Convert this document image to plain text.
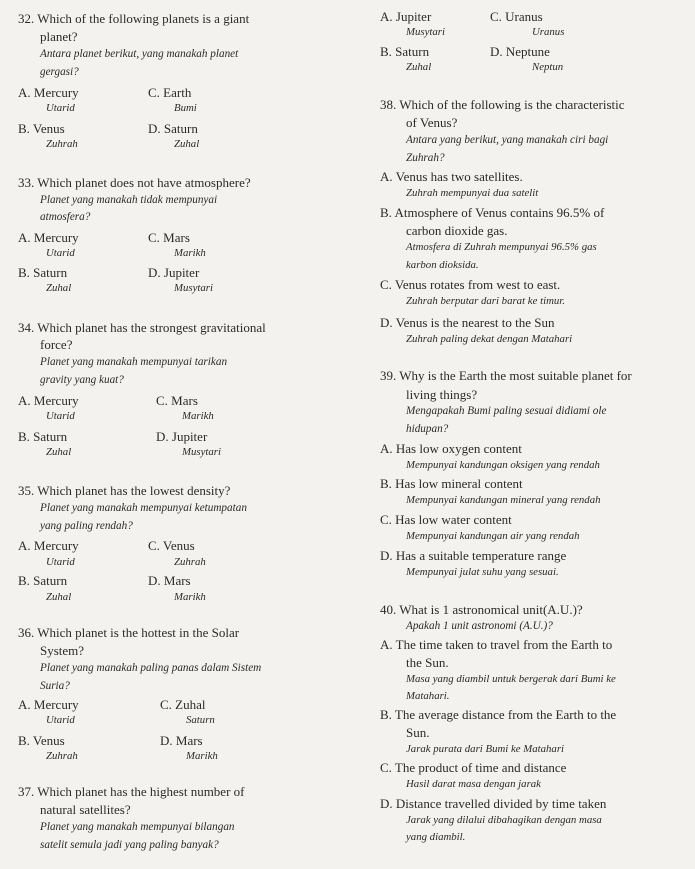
32. Which of the following planets is a giant
planet?
Antara planet berikut, yang manakah planet
gergasi?
A. Mercury
Utarid
C. Earth
Bumi
B. Venus
Zuhrah
D. Saturn
Zuhal
33. Which planet does not have atmosphere?
Planet yang manakah tidak mempunyai
atmosfera?
A. Mercury
Utarid
C. Mars
Marikh
B. Saturn
Zuhal
D. Jupiter
Musytari
34. Which planet has the strongest gravitational
force?
Planet yang manakah mempunyai tarikan
gravity yang kuat?
A. Mercury
Utarid
C. Mars
Marikh
B. Saturn
Zuhal
D. Jupiter
Musytari
35. Which planet has the lowest density?
Planet yang manakah mempunyai ketumpatan
yang paling rendah?
A. Mercury
Utarid
C. Venus
Zuhrah
B. Saturn
Zuhal
D. Mars
Marikh
36. Which planet is the hottest in the Solar
System?
Planet yang manakah paling panas dalam Sistem
Suria?
A. Mercury
Utarid
C. Zuhal
Saturn
B. Venus
Zuhrah
D. Mars
Marikh
37. Which planet has the highest number of
natural satellites?
Planet yang manakah mempunyai bilangan
satelit semula jadi yang paling banyak?
A. Jupiter
Musytari
C. Uranus
Uranus
B. Saturn
Zuhal
D. Neptune
Neptun
38. Which of the following is the characteristic
of Venus?
Antara yang berikut, yang manakah ciri bagi
Zuhrah?
A. Venus has two satellites.
Zuhrah mempunyai dua satelit
B. Atmosphere of Venus contains 96.5% of
carbon dioxide gas.
Atmosfera di Zuhrah mempunyai 96.5% gas
karbon dioksida.
C. Venus rotates from west to east.
Zuhrah berputar dari barat ke timur.
D. Venus is the nearest to the Sun
Zuhrah paling dekat dengan Matahari
39. Why is the Earth the most suitable planet for
living things?
Mengapakah Bumi paling sesuai didiami ole
hidupan?
A. Has low oxygen content
Mempunyai kandungan oksigen yang rendah
B. Has low mineral content
Mempunyai kandungan mineral yang rendah
C. Has low water content
Mempunyai kandungan air yang rendah
D. Has a suitable temperature range
Mempunyai julat suhu yang sesuai.
40. What is 1 astronomical unit(A.U.)?
Apakah 1 unit astronomi (A.U.)?
A. The time taken to travel from the Earth to
the Sun.
Masa yang diambil untuk bergerak dari Bumi ke
Matahari.
B. The average distance from the Earth to the
Sun.
Jarak purata dari Bumi ke Matahari
C. The product of time and distance
Hasil darat masa dengan jarak
D. Distance travelled divided by time taken
Jarak yang dilalui dibahagikan dengan masa
yang diambil.
